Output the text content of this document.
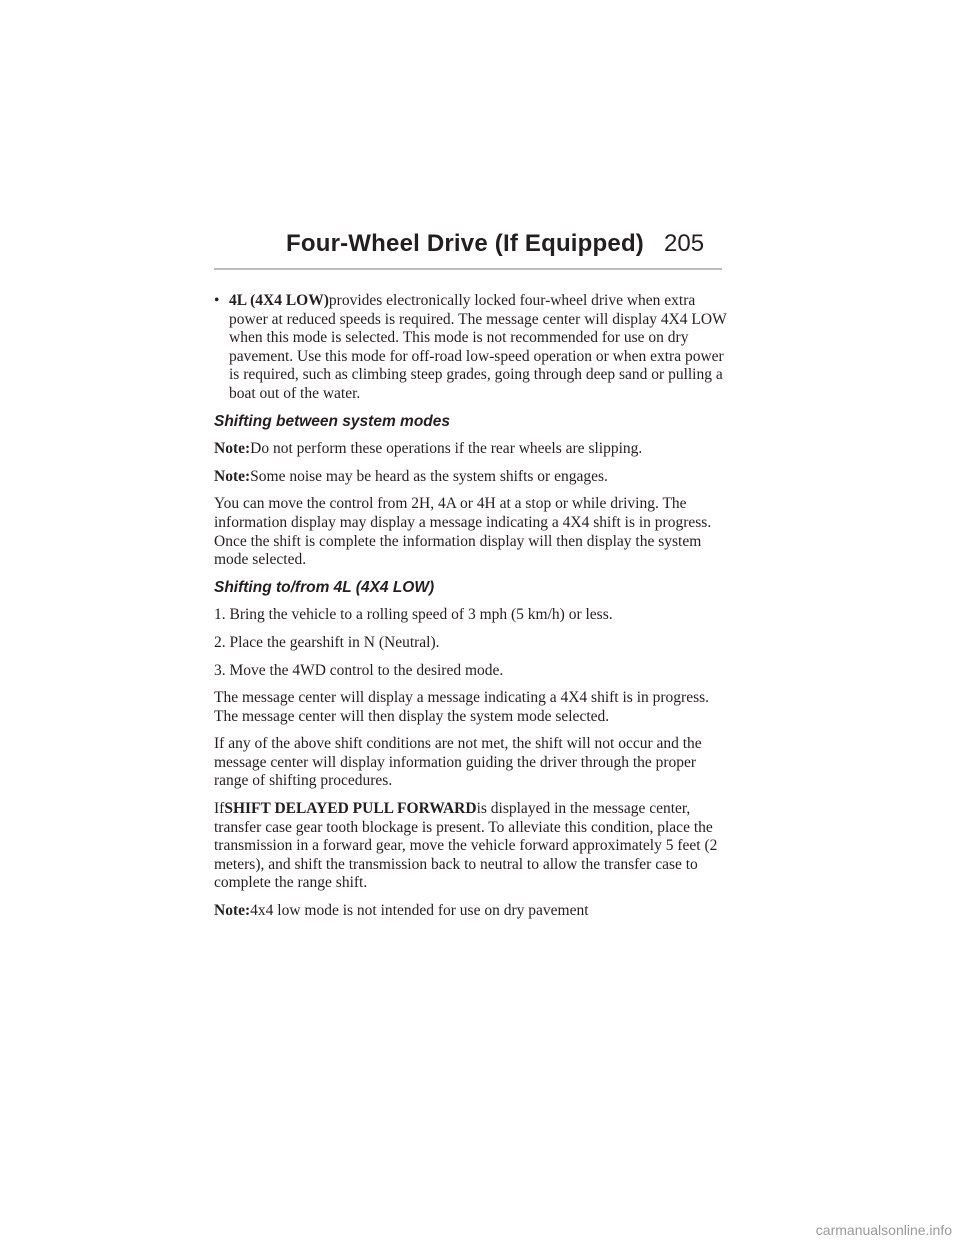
Four-Wheel Drive (If Equipped) 205
• 4L (4X4 LOW)provides electronically locked four-wheel drive when extra power at reduced speeds is required. The message center will display 4X4 LOW when this mode is selected. This mode is not recommended for use on dry pavement. Use this mode for off-road low-speed operation or when extra power is required, such as climbing steep grades, going through deep sand or pulling a boat out of the water.
Shifting between system modes

Note:Do not perform these operations if the rear wheels are slipping.

Note:Some noise may be heard as the system shifts or engages.

You can move the control from 2H, 4A or 4H at a stop or while driving. The information display may display a message indicating a 4X4 shift is in progress. Once the shift is complete the information display will then display the system mode selected.

Shifting to/from 4L (4X4 LOW)

1. Bring the vehicle to a rolling speed of 3 mph (5 km/h) or less.

2. Place the gearshift in N (Neutral).

3. Move the 4WD control to the desired mode.

The message center will display a message indicating a 4X4 shift is in progress. The message center will then display the system mode selected.

If any of the above shift conditions are not met, the shift will not occur and the message center will display information guiding the driver through the proper range of shifting procedures.

IfSHIFT DELAYED PULL FORWARDis displayed in the message center, transfer case gear tooth blockage is present. To alleviate this condition, place the transmission in a forward gear, move the vehicle forward approximately 5 feet (2 meters), and shift the transmission back to neutral to allow the transfer case to complete the range shift.

Note:4x4 low mode is not intended for use on dry pavement

carmanualsonline.info
